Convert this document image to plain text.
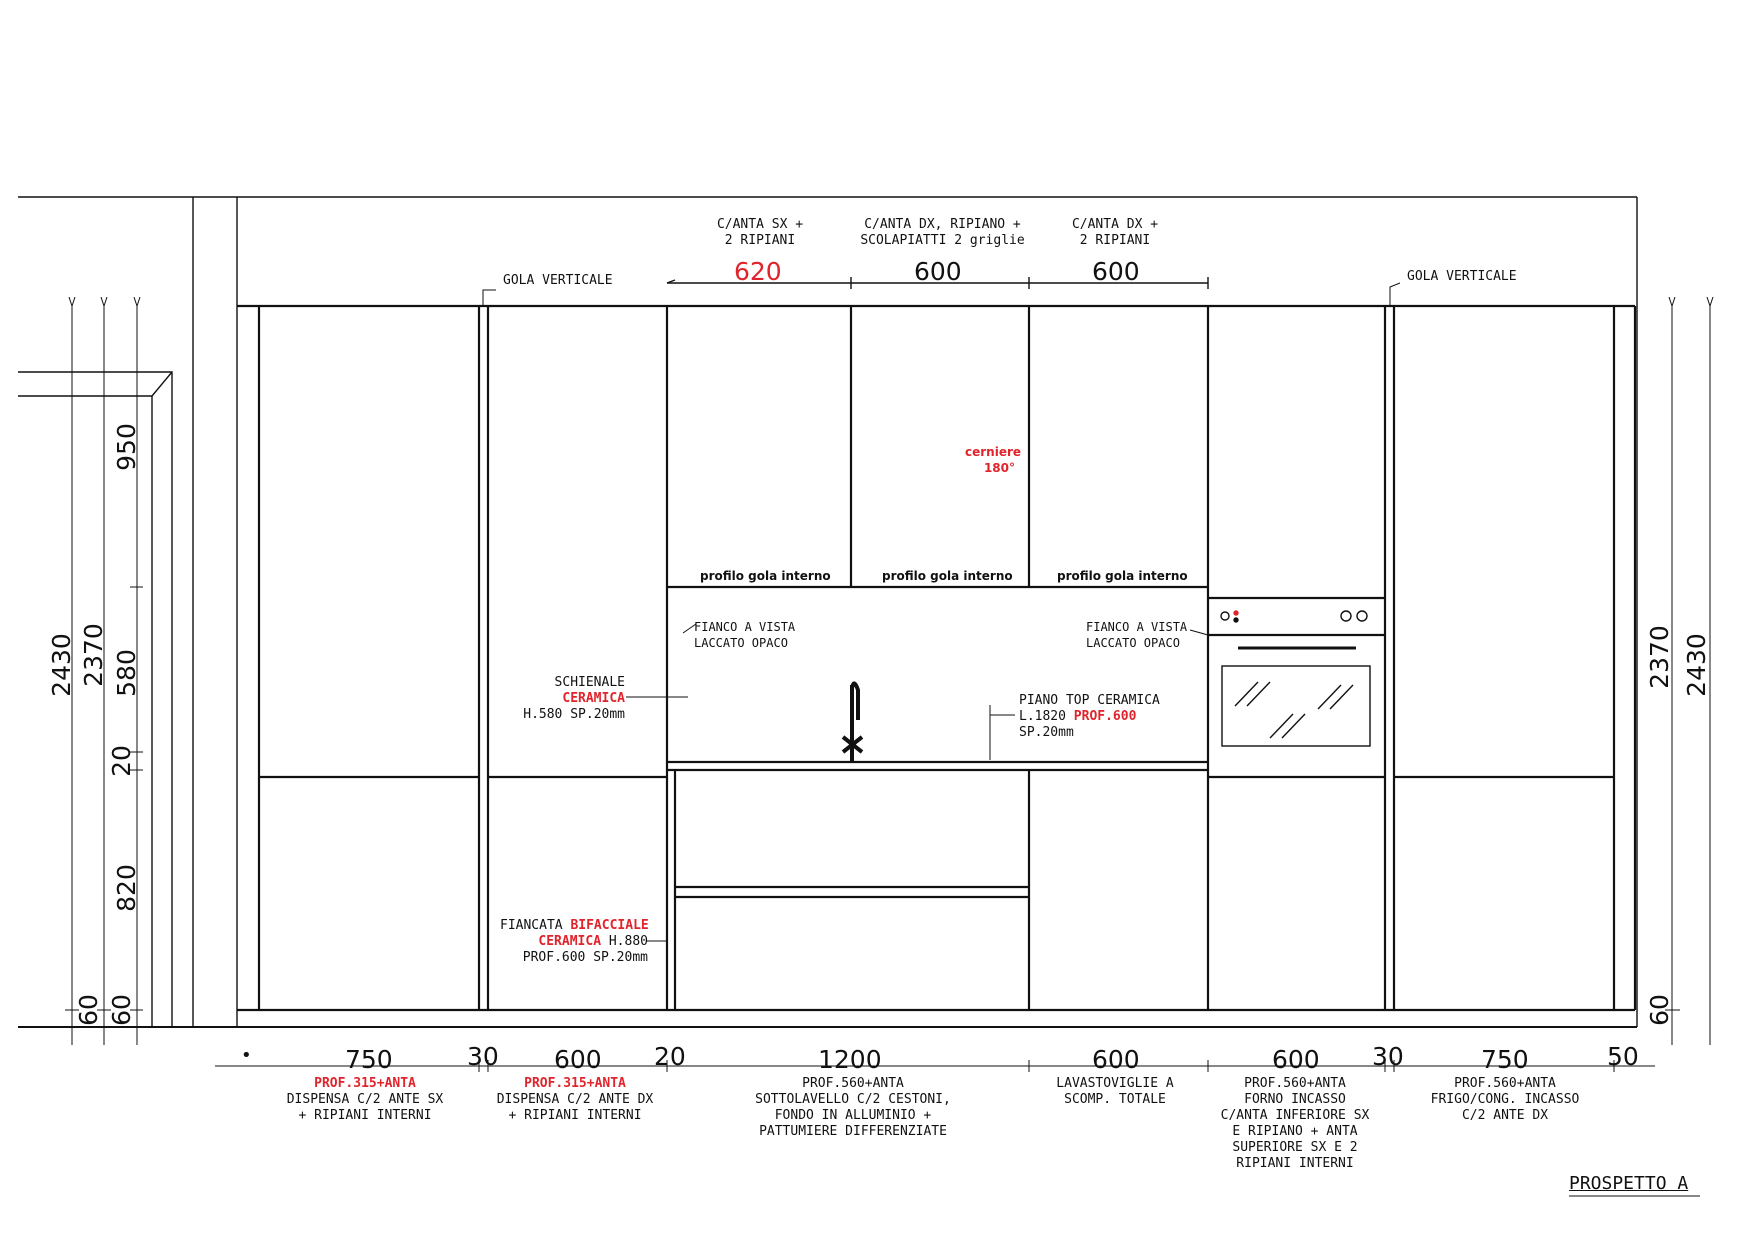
C/ANTA SX +
2 RIPIANI
C/ANTA DX, RIPIANO +
SCOLAPIATTI 2 griglie
C/ANTA DX +
2 RIPIANI
620	600	600
GOLA VERTICALE	GOLA VERTICALE
cerniere
180°
profilo gola interno	profilo gola interno	profilo gola interno
FIANCO A VISTA
LACCATO OPACO
FIANCO A VISTA
LACCATO OPACO
SCHIENALE
CERAMICA
H.580 SP.20mm
PIANO TOP CERAMICA
L.1820 PROF.600
SP.20mm
FIANCATA BIFACCIALE
CERAMICA H.880
PROF.600 SP.20mm
2430 2370
950
580
20
820
60 60
2370 2430
60
•	750	30 600 20	1200	600	600 30	750	50
PROF.315+ANTA
DISPENSA C/2 ANTE SX
+ RIPIANI INTERNI
PROF.315+ANTA
DISPENSA C/2 ANTE DX
+ RIPIANI INTERNI
PROF.560+ANTA
SOTTOLAVELLO C/2 CESTONI,
FONDO IN ALLUMINIO +
PATTUMIERE DIFFERENZIATE
LAVASTOVIGLIE A
SCOMP. TOTALE
PROF.560+ANTA
FORNO INCASSO
C/ANTA INFERIORE SX
E RIPIANO + ANTA
SUPERIORE SX E 2
RIPIANI INTERNI
PROF.560+ANTA
FRIGO/CONG. INCASSO
C/2 ANTE DX
PROSPETTO A
